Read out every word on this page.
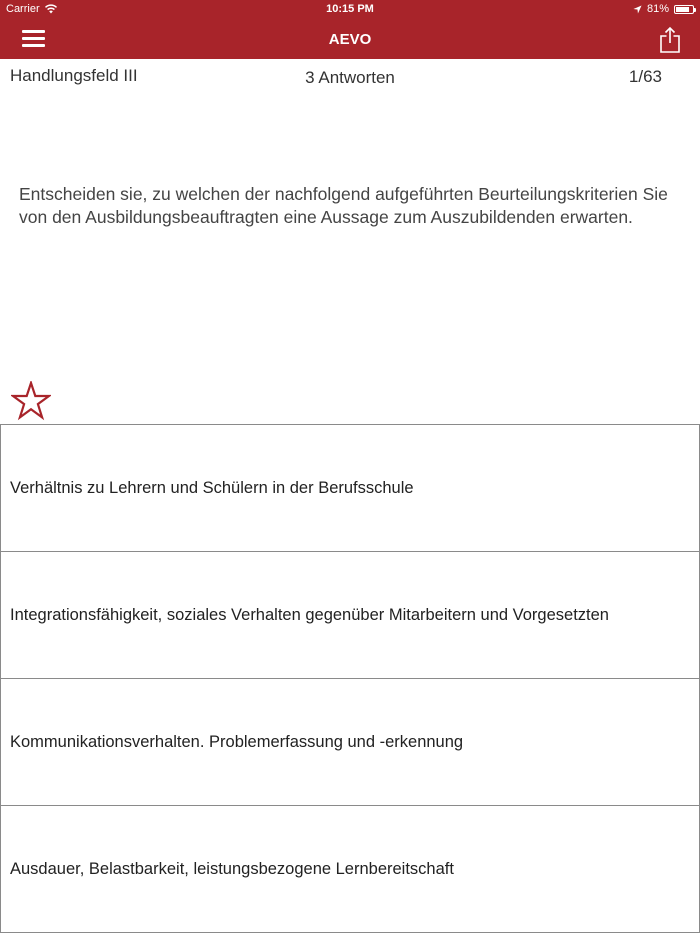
Carrier	10:15 PM	81%
AEVO
Handlungsfeld III	3 Antworten	1/63
Entscheiden sie, zu welchen der nachfolgend aufgeführten Beurteilungskriterien Sie von den Ausbildungsbeauftragten eine Aussage zum Auszubildenden erwarten.
Verhältnis zu Lehrern und Schülern in der Berufsschule
Integrationsfähigkeit, soziales Verhalten gegenüber Mitarbeitern und Vorgesetzten
Kommunikationsverhalten. Problemerfassung und -erkennung
Ausdauer, Belastbarkeit, leistungsbezogene Lernbereitschaft
